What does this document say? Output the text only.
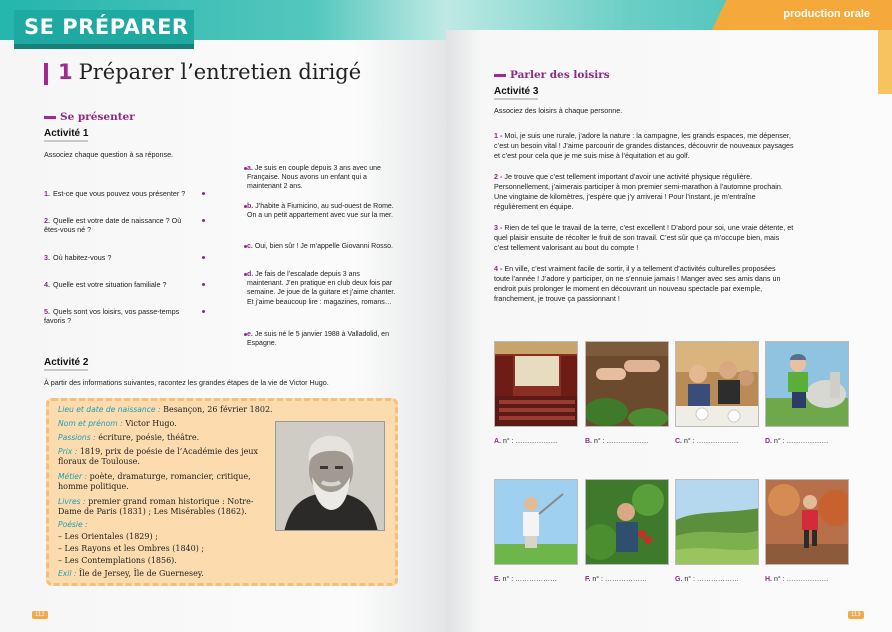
SE PRÉPARER
1 Préparer l’entretien dirigé
Se présenter
Activité 1
Associez chaque question à sa réponse.
1. Est-ce que vous pouvez vous présenter ?
2. Quelle est votre date de naissance ? Où êtes-vous né ?
3. Où habitez-vous ?
4. Quelle est votre situation familiale ?
5. Quels sont vos loisirs, vos passe-temps favoris ?
a. Je suis en couple depuis 3 ans avec une Française. Nous avons un enfant qui a maintenant 2 ans.
b. J’habite à Fiumicino, au sud-ouest de Rome. On a un petit appartement avec vue sur la mer.
c. Oui, bien sûr ! Je m’appelle Giovanni Rosso.
d. Je fais de l’escalade depuis 3 ans maintenant. J’en pratique en club deux fois par semaine. Je joue de la guitare et j’aime chanter. Et j’aime beaucoup lire : magazines, romans…
e. Je suis né le 5 janvier 1988 à Valladolid, en Espagne.
Activité 2
À partir des informations suivantes, racontez les grandes étapes de la vie de Victor Hugo.
Lieu et date de naissance : Besançon, 26 février 1802.
Nom et prénom : Victor Hugo.
Passions : écriture, poésie, théâtre.
Prix : 1819, prix de poésie de l’Académie des jeux floraux de Toulouse.
Métier : poète, dramaturge, romancier, critique, homme politique.
Livres : premier grand roman historique : Notre-Dame de Paris (1831) ; Les Misérables (1862).
Poésie :
– Les Orientales (1829) ;
– Les Rayons et les Ombres (1840) ;
– Les Contemplations (1856).
Exil : Île de Jersey, Île de Guernesey.
112
production orale
Parler des loisirs
Activité 3
Associez des loisirs à chaque personne.
1 - Moi, je suis une rurale, j’adore la nature : la campagne, les grands espaces, me dépenser, c’est un besoin vital ! J’aime parcourir de grandes distances, découvrir de nouveaux paysages et c’est pour cela que je me suis mise à l’équitation et au golf.
2 - Je trouve que c’est tellement important d’avoir une activité physique régulière. Personnellement, j’aimerais participer à mon premier semi-marathon à l’automne prochain. Une vingtaine de kilomètres, j’espère que j’y arriverai ! Pour l’instant, je m’entraîne régulièrement en équipe.
3 - Rien de tel que le travail de la terre, c’est excellent ! D’abord pour soi, une vraie détente, et quel plaisir ensuite de récolter le fruit de son travail. C’est sûr que ça m’occupe bien, mais c’est tellement valorisant au bout du compte !
4 - En ville, c’est vraiment facile de sortir, il y a tellement d’activités culturelles proposées toute l’année ! J’adore y participer, on ne s’ennuie jamais ! Manger avec ses amis dans un endroit puis prolonger le moment en découvrant un nouveau spectacle par exemple, franchement, je trouve ça passionnant !
A. n° : ………………	B. n° : ………………	C. n° : ………………	D. n° : ………………
E. n° : ………………	F. n° : ………………	G. n° : ………………	H. n° : ………………
113
